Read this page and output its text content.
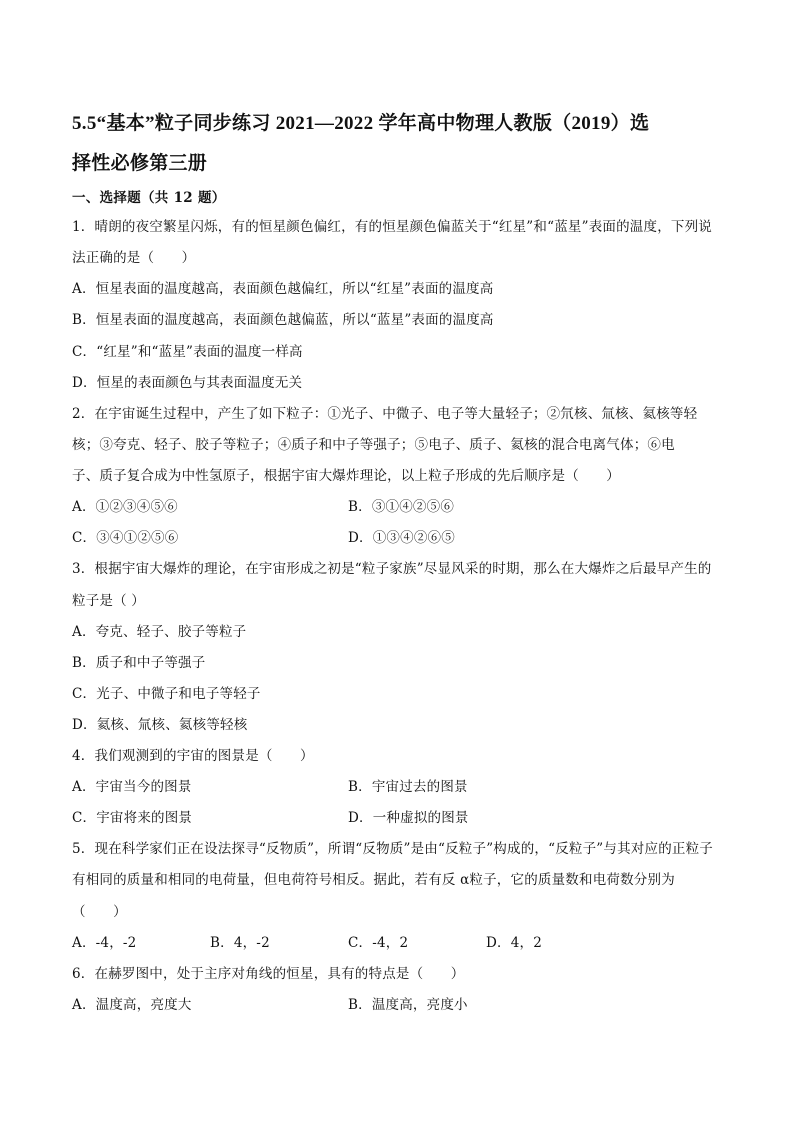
5.5“基本”粒子同步练习 2021—2022 学年高中物理人教版（2019）选
择性必修第三册
一、选择题（共 12 题）
1．晴朗的夜空繁星闪烁，有的恒星颜色偏红，有的恒星颜色偏蓝关于“红星”和“蓝星”表面的温度，下列说
法正确的是（　　）
A．恒星表面的温度越高，表面颜色越偏红，所以“红星”表面的温度高
B．恒星表面的温度越高，表面颜色越偏蓝，所以“蓝星”表面的温度高
C．“红星”和“蓝星”表面的温度一样高
D．恒星的表面颜色与其表面温度无关
2．在宇宙诞生过程中，产生了如下粒子：①光子、中微子、电子等大量轻子；②氘核、氚核、氦核等轻
核；③夸克、轻子、胶子等粒子；④质子和中子等强子；⑤电子、质子、氦核的混合电离气体；⑥电
子、质子复合成为中性氢原子，根据宇宙大爆炸理论，以上粒子形成的先后顺序是（　　）
A．①②③④⑤⑥	B．③①④②⑤⑥
C．③④①②⑤⑥	D．①③④②⑥⑤
3．根据宇宙大爆炸的理论，在宇宙形成之初是“粒子家族”尽显风采的时期，那么在大爆炸之后最早产生的
粒子是（ ）
A．夸克、轻子、胶子等粒子
B．质子和中子等强子
C．光子、中微子和电子等轻子
D．氦核、氚核、氦核等轻核
4．我们观测到的宇宙的图景是（　　）
A．宇宙当今的图景	B．宇宙过去的图景
C．宇宙将来的图景	D．一种虚拟的图景
5．现在科学家们正在设法探寻“反物质”，所谓“反物质”是由“反粒子”构成的，“反粒子”与其对应的正粒子
有相同的质量和相同的电荷量，但电荷符号相反。据此，若有反 α粒子，它的质量数和电荷数分别为
（　　）
A．-4，-2	B．4，-2	C．-4，2	D．4，2
6．在赫罗图中，处于主序对角线的恒星，具有的特点是（　　）
A．温度高，亮度大	B．温度高，亮度小
